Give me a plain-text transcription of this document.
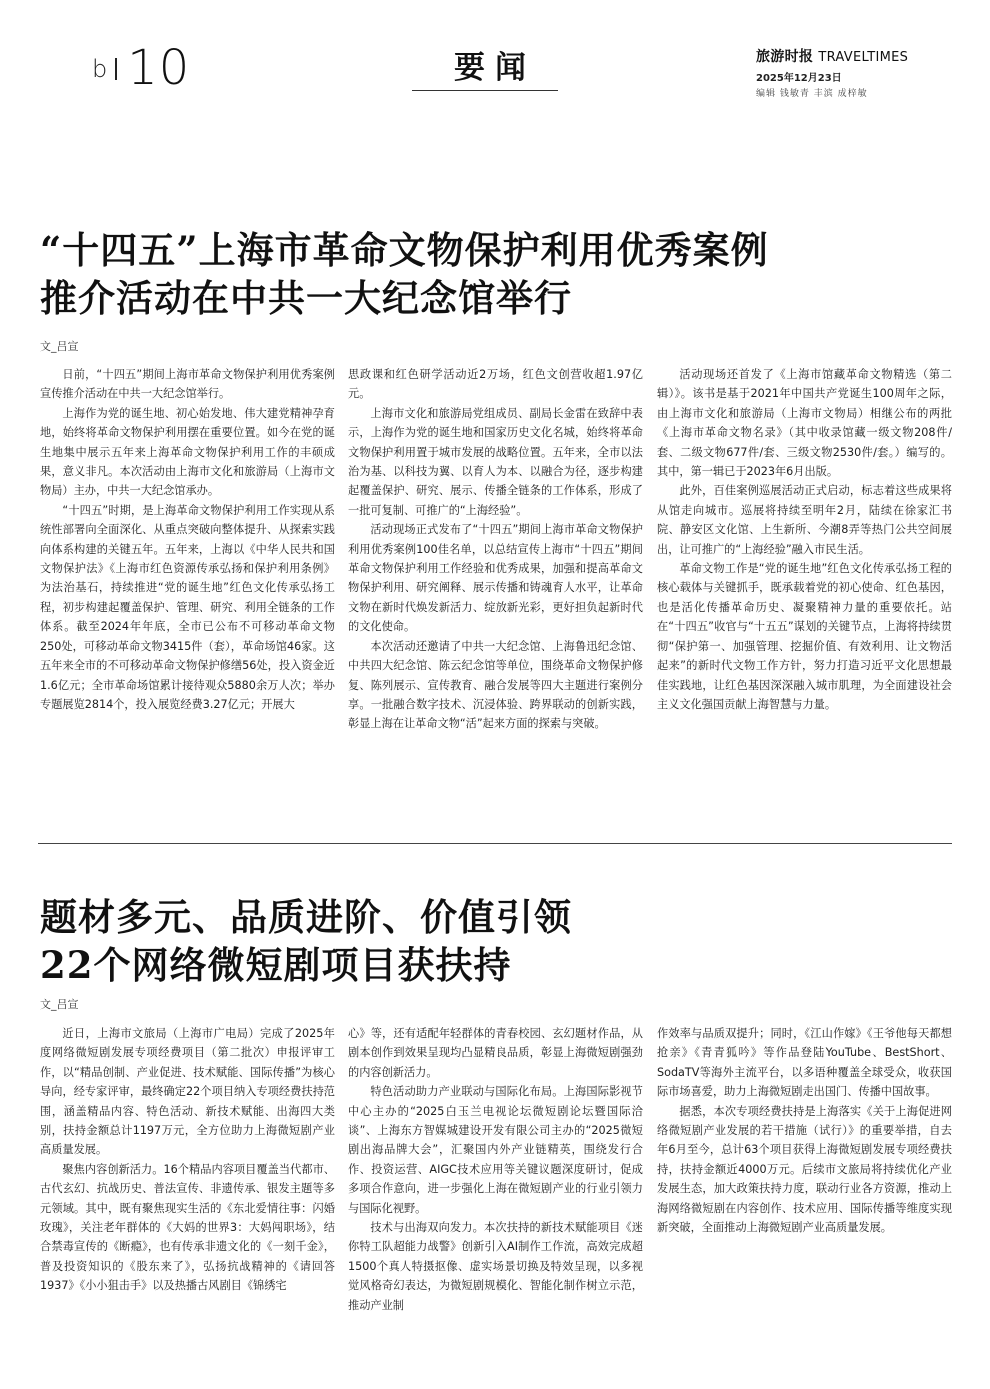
b 10	要闻	旅游时报 TRAVELTIMES
2025年12月23日
编辑 钱敏青 丰滨 成梓敏
“十四五”上海市革命文物保护利用优秀案例
推介活动在中共一大纪念馆举行
文_吕宣

日前，“十四五”期间上海市革命文物保护利用优秀案例宣传推介活动在中共一大纪念馆举行。

上海作为党的诞生地、初心始发地、伟大建党精神孕育地，始终将革命文物保护利用摆在重要位置。如今在党的诞生地集中展示五年来上海革命文物保护利用工作的丰硕成果，意义非凡。本次活动由上海市文化和旅游局（上海市文物局）主办，中共一大纪念馆承办。

“十四五”时期，是上海革命文物保护利用工作实现从系统性部署向全面深化、从重点突破向整体提升、从探索实践向体系构建的关键五年。五年来，上海以《中华人民共和国文物保护法》《上海市红色资源传承弘扬和保护利用条例》为法治基石，持续推进“党的诞生地”红色文化传承弘扬工程，初步构建起覆盖保护、管理、研究、利用全链条的工作体系。截至2024年年底，全市已公布不可移动革命文物250处，可移动革命文物3415件（套），革命场馆46家。这五年来全市的不可移动革命文物保护修缮56处，投入资金近1.6亿元；全市革命场馆累计接待观众5880余万人次；举办专题展览2814个，投入展览经费3.27亿元；开展大

思政课和红色研学活动近2万场，红色文创营收超1.97亿元。

上海市文化和旅游局党组成员、副局长金雷在致辞中表示，上海作为党的诞生地和国家历史文化名城，始终将革命文物保护利用置于城市发展的战略位置。五年来，全市以法治为基、以科技为翼、以育人为本、以融合为径，逐步构建起覆盖保护、研究、展示、传播全链条的工作体系，形成了一批可复制、可推广的“上海经验”。

活动现场正式发布了“十四五”期间上海市革命文物保护利用优秀案例100佳名单，以总结宣传上海市“十四五”期间革命文物保护利用工作经验和优秀成果，加强和提高革命文物保护利用、研究阐释、展示传播和铸魂育人水平，让革命文物在新时代焕发新活力、绽放新光彩，更好担负起新时代的文化使命。

本次活动还邀请了中共一大纪念馆、上海鲁迅纪念馆、中共四大纪念馆、陈云纪念馆等单位，围绕革命文物保护修复、陈列展示、宣传教育、融合发展等四大主题进行案例分享。一批融合数字技术、沉浸体验、跨界联动的创新实践，彰显上海在让革命文物“活”起来方面的探索与突破。

活动现场还首发了《上海市馆藏革命文物精选（第二辑）》。该书是基于2021年中国共产党诞生100周年之际，由上海市文化和旅游局（上海市文物局）相继公布的两批《上海市革命文物名录》（其中收录馆藏一级文物208件/套、二级文物677件/套、三级文物2530件/套。）编写的。其中，第一辑已于2023年6月出版。

此外，百佳案例巡展活动正式启动，标志着这些成果将从馆走向城市。巡展将持续至明年2月，陆续在徐家汇书院、静安区文化馆、上生新所、今潮8弄等热门公共空间展出，让可推广的“上海经验”融入市民生活。

革命文物工作是“党的诞生地”红色文化传承弘扬工程的核心载体与关键抓手，既承载着党的初心使命、红色基因，也是活化传播革命历史、凝聚精神力量的重要依托。站在“十四五”收官与“十五五”谋划的关键节点，上海将持续贯彻“保护第一、加强管理、挖掘价值、有效利用、让文物活起来”的新时代文物工作方针，努力打造习近平文化思想最佳实践地，让红色基因深深融入城市肌理，为全面建设社会主义文化强国贡献上海智慧与力量。

题材多元、品质进阶、价值引领
22个网络微短剧项目获扶持
文_吕宣

近日，上海市文旅局（上海市广电局）完成了2025年度网络微短剧发展专项经费项目（第二批次）申报评审工作，以“精品创制、产业促进、技术赋能、国际传播”为核心导向，经专家评审，最终确定22个项目纳入专项经费扶持范围，涵盖精品内容、特色活动、新技术赋能、出海四大类别，扶持金额总计1197万元，全方位助力上海微短剧产业高质量发展。

聚焦内容创新活力。16个精品内容项目覆盖当代都市、古代玄幻、抗战历史、普法宣传、非遗传承、银发主题等多元领域。其中，既有聚焦现实生活的《东北爱情往事：闪婚玫瑰》，关注老年群体的《大妈的世界3：大妈闯职场》，结合禁毒宣传的《断瘾》，也有传承非遗文化的《一刻千金》，普及投资知识的《股东来了》，弘扬抗战精神的《请回答1937》《小小狙击手》以及热播古风剧目《锦绣宅

心》等，还有适配年轻群体的青春校园、玄幻题材作品，从剧本创作到效果呈现均凸显精良品质，彰显上海微短剧强劲的内容创新活力。

特色活动助力产业联动与国际化布局。上海国际影视节中心主办的“2025白玉兰电视论坛微短剧论坛暨国际洽谈”、上海东方智媒城建设开发有限公司主办的“2025微短剧出海品牌大会”，汇聚国内外产业链精英，围绕发行合作、投资运营、AIGC技术应用等关键议题深度研讨，促成多项合作意向，进一步强化上海在微短剧产业的行业引领力与国际化视野。

技术与出海双向发力。本次扶持的新技术赋能项目《迷你特工队超能力战警》创新引入AI制作工作流，高效完成超1500个真人特摄抠像、虚实场景切换及特效呈现，以多视觉风格奇幻表达，为微短剧规模化、智能化制作树立示范，推动产业制

作效率与品质双提升；同时，《江山作嫁》《王爷他每天都想抢亲》《青青狐吟》等作品登陆YouTube、BestShort、SodaTV等海外主流平台，以多语种覆盖全球受众，收获国际市场喜爱，助力上海微短剧走出国门、传播中国故事。

据悉，本次专项经费扶持是上海落实《关于上海促进网络微短剧产业发展的若干措施（试行）》的重要举措，自去年6月至今，总计63个项目获得上海微短剧发展专项经费扶持，扶持金额近4000万元。后续市文旅局将持续优化产业发展生态，加大政策扶持力度，联动行业各方资源，推动上海网络微短剧在内容创作、技术应用、国际传播等维度实现新突破，全面推动上海微短剧产业高质量发展。
